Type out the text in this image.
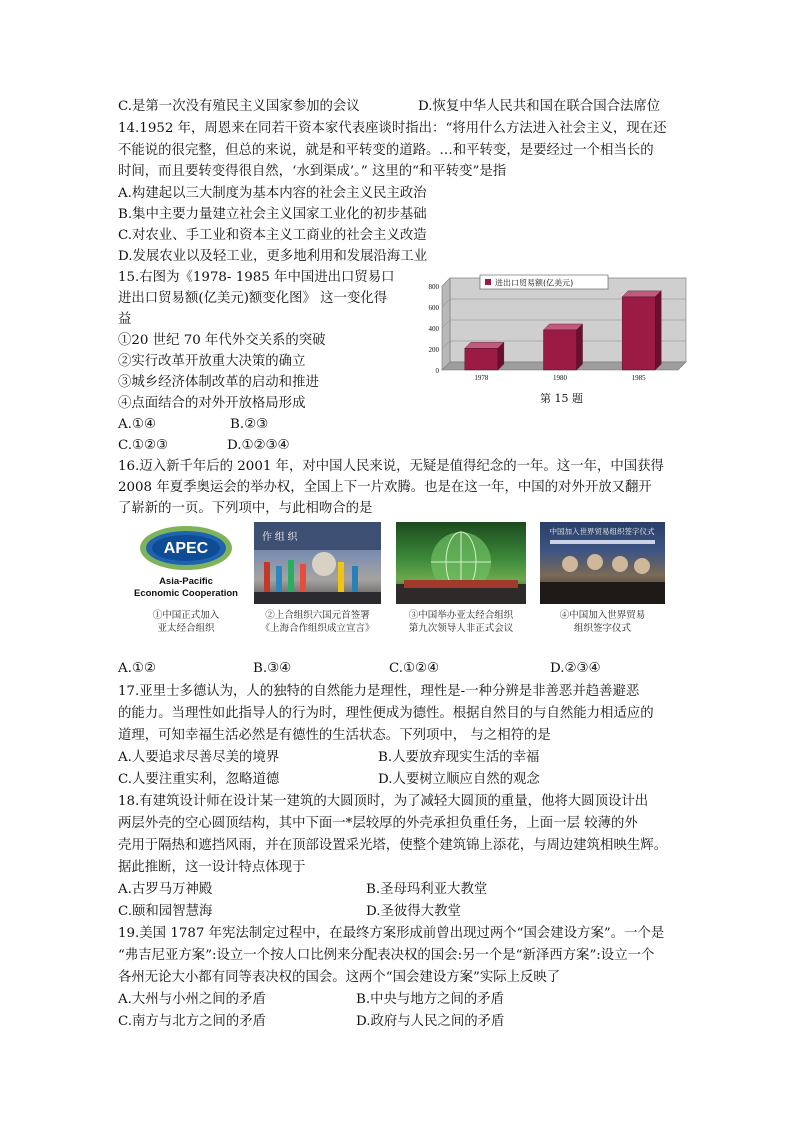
C.是第一次没有殖民主义国家参加的会议	D.恢复中华人民共和国在联合国合法席位
14.1952 年，周恩来在同若干资本家代表座谈时指出：“将用什么方法进入社会主义，现在还
不能说的很完整，但总的来说，就是和平转变的道路。…和平转变，是要经过一个相当长的
时间，而且要转变得很自然，‘水到渠成’。” 这里的“和平转变”是指
A.构建起以三大制度为基本内容的社会主义民主政治
B.集中主要力量建立社会主义国家工业化的初步基础
C.对农业、手工业和资本主义工商业的社会主义改造
D.发展农业以及轻工业，更多地利用和发展沿海工业
15.右图为《1978- 1985 年中国进出口贸易口
进出口贸易额(亿美元)额变化图》 这一变化得
益
①20 世纪 70 年代外交关系的突破
②实行改革开放重大决策的确立
③城乡经济体制改革的启动和推进
④点面结合的对外开放格局形成
A.①④	B.②③
C.①②③	D.①②③④
0
200
400
600
800	进出口贸易额(亿美元)
1978	1980	1985
第 15 题
16.迈入新千年后的 2001 年，对中国人民来说，无疑是值得纪念的一年。这一年，中国获得
2008 年夏季奥运会的举办权，全国上下一片欢腾。也是在这一年，中国的对外开放又翻开
了崭新的一页。下列项中，与此相吻合的是
APEC
Asia-Pacific
Economic Cooperation
作 组 织
中国加入世界贸易组织签字仪式
①中国正式加入
亚太经合组织
②上合组织六国元首签署
《上海合作组织成立宣言》
③中国举办亚太经合组织
第九次领导人非正式会议
④中国加入世界贸易
组织签字仪式
A.①②	B.③④	C.①②④	D.②③④
17.亚里士多德认为，人的独特的自然能力是理性，理性是-一种分辨是非善恶并趋善避恶
的能力。当理性如此指导人的行为时，理性便成为德性。根据自然目的与自然能力相适应的
道理，可知幸福生活必然是有德性的生活状态。下列项中， 与之相符的是
A.人要追求尽善尽美的境界	B.人要放弃现实生活的幸福
C.人要注重实利，忽略道德	D.人要树立顺应自然的观念
18.有建筑设计师在设计某一建筑的大圆顶时，为了减轻大圆顶的重量，他将大圆顶设计出
两层外壳的空心圆顶结构，其中下面一*层较厚的外壳承担负重任务，上面一层 较薄的外
壳用于隔热和遮挡风雨，并在顶部设置采光塔，使整个建筑锦上添花，与周边建筑相映生辉。
据此推断，这一设计特点体现于
A.古罗马万神殿	B.圣母玛利亚大教堂
C.颐和园智慧海	D.圣彼得大教堂
19.美国 1787 年宪法制定过程中，在最终方案形成前曾出现过两个“国会建设方案”。一个是
“弗吉尼亚方案”:设立一个按人口比例来分配表决权的国会:另一个是“新泽西方案”:设立一个
各州无论大小都有同等表决权的国会。这两个“国会建设方案”实际上反映了
A.大州与小州之间的矛盾	B.中央与地方之间的矛盾
C.南方与北方之间的矛盾	D.政府与人民之间的矛盾
